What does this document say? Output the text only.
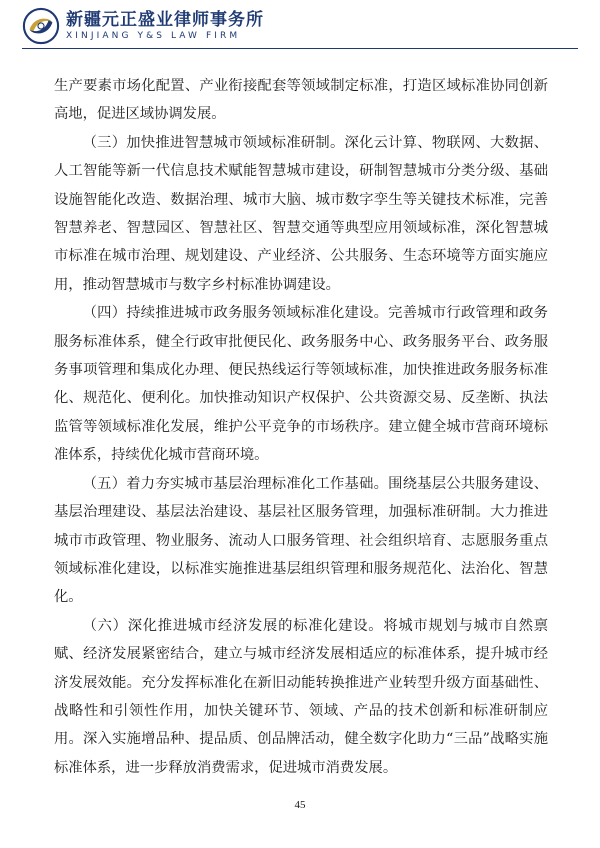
新疆元正盛业律师事务所
XINJIANG Y&S LAW FIRM

生产要素市场化配置、产业衔接配套等领域制定标准，打造区域标准协同创新高地，促进区域协调发展。

（三）加快推进智慧城市领域标准研制。深化云计算、物联网、大数据、人工智能等新一代信息技术赋能智慧城市建设，研制智慧城市分类分级、基础设施智能化改造、数据治理、城市大脑、城市数字孪生等关键技术标准，完善智慧养老、智慧园区、智慧社区、智慧交通等典型应用领域标准，深化智慧城市标准在城市治理、规划建设、产业经济、公共服务、生态环境等方面实施应用，推动智慧城市与数字乡村标准协调建设。

（四）持续推进城市政务服务领域标准化建设。完善城市行政管理和政务服务标准体系，健全行政审批便民化、政务服务中心、政务服务平台、政务服务事项管理和集成化办理、便民热线运行等领域标准，加快推进政务服务标准化、规范化、便利化。加快推动知识产权保护、公共资源交易、反垄断、执法监管等领域标准化发展，维护公平竞争的市场秩序。建立健全城市营商环境标准体系，持续优化城市营商环境。

（五）着力夯实城市基层治理标准化工作基础。围绕基层公共服务建设、基层治理建设、基层法治建设、基层社区服务管理，加强标准研制。大力推进城市市政管理、物业服务、流动人口服务管理、社会组织培育、志愿服务重点领域标准化建设，以标准实施推进基层组织管理和服务规范化、法治化、智慧化。

（六）深化推进城市经济发展的标准化建设。将城市规划与城市自然禀赋、经济发展紧密结合，建立与城市经济发展相适应的标准体系，提升城市经济发展效能。充分发挥标准化在新旧动能转换推进产业转型升级方面基础性、战略性和引领性作用，加快关键环节、领域、产品的技术创新和标准研制应用。深入实施增品种、提品质、创品牌活动，健全数字化助力“三品”战略实施标准体系，进一步释放消费需求，促进城市消费发展。

45
